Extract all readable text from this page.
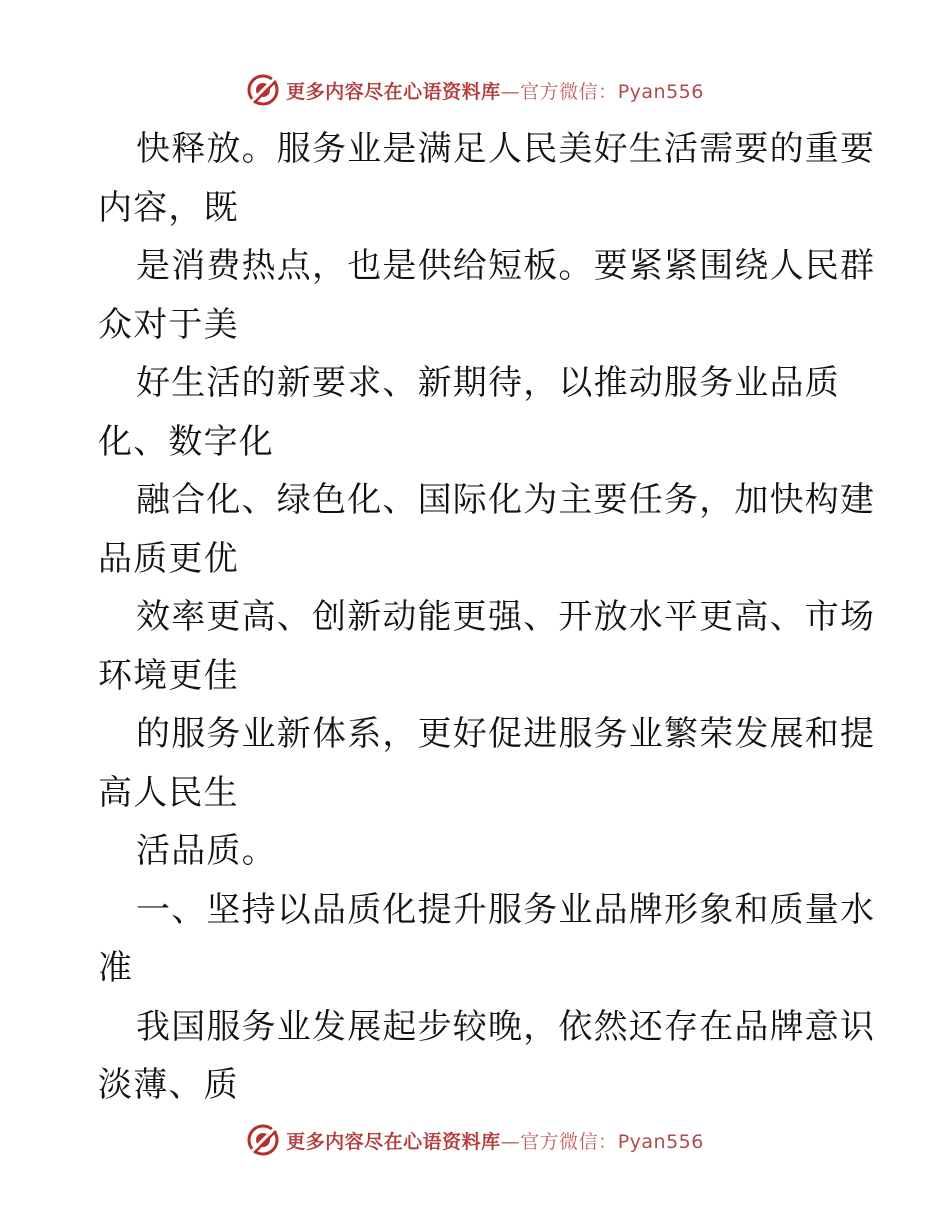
更多内容尽在心语资料库—官方微信：Pyan556
快释放。服务业是满足人民美好生活需要的重要
内容，既
是消费热点，也是供给短板。要紧紧围绕人民群
众对于美
好生活的新要求、新期待，以推动服务业品质
化、数字化
融合化、绿色化、国际化为主要任务，加快构建
品质更优
效率更高、创新动能更强、开放水平更高、市场
环境更佳
的服务业新体系，更好促进服务业繁荣发展和提
高人民生
活品质。
一、坚持以品质化提升服务业品牌形象和质量水
准
我国服务业发展起步较晚，依然还存在品牌意识
淡薄、质
更多内容尽在心语资料库—官方微信：Pyan556
